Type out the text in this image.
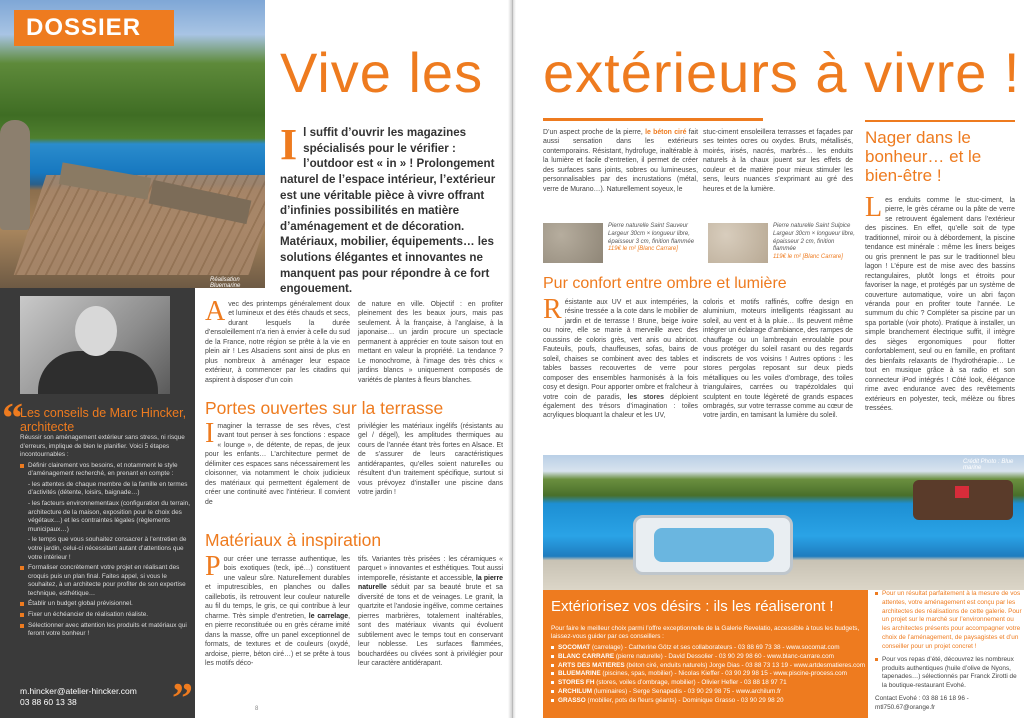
Réalisation Bluemarine
DOSSIER
Vive les
I l suffit d’ouvrir les magazines spécialisés pour le vérifier : l’outdoor est « in » ! Prolongement naturel de l’espace intérieur, l’extérieur est une véritable pièce à vivre offrant d’infinies possibilités en matière d’aménagement et de décoration. Matériaux, mobilier, équipements… les solutions élégantes et innovantes ne manquent pas pour répondre à ce fort engouement.
“
Les conseils de Marc Hincker, architecte

Réussir son aménagement extérieur sans stress, ni risque d’erreurs, implique de bien le planifier. Voici 5 étapes incontournables :

Définir clairement vos besoins, et notamment le style d’aménagement recherché, en prenant en compte :
- les attentes de chaque membre de la famille en termes d’activités (détente, loisirs, baignade…)
- les facteurs environnementaux (configuration du terrain, architecture de la maison, exposition pour le choix des végétaux…) et les contraintes légales (règlements municipaux…)
- le temps que vous souhaitez consacrer à l’entretien de votre jardin, celui-ci nécessitant autant d’attentions que votre intérieur !
Formaliser concrètement votre projet en réalisant des croquis puis un plan final. Faites appel, si vous le souhaitez, à un architecte pour profiter de son expertise technique, esthétique…
Établir un budget global prévisionnel.
Fixer un échéancier de réalisation réaliste.
Sélectionner avec attention les produits et matériaux qui feront votre bonheur !
m.hincker@atelier-hincker.com
03 88 60 13 38	”
A vec des printemps généralement doux et lumineux et des étés chauds et secs, durant lesquels la durée d’ensoleillement n’a rien à envier à celle du sud de la France, notre région se prête à la vie en plein air ! Les Alsaciens sont ainsi de plus en plus nombreux à aménager leur espace extérieur, à commencer par les citadins qui aspirent à disposer d’un coin
de nature en ville. Objectif : en profiter pleinement des les beaux jours, mais pas seulement. À la française, à l’anglaise, à la japonaise… un jardin procure un spectacle permanent à apprécier en toute saison tout en mettant en valeur la propriété. La tendance ? Le monochrome, à l’image des très chics « jardins blancs » uniquement composés de variétés de plantes à fleurs blanches.
Portes ouvertes sur la terrasse
I maginer la terrasse de ses rêves, c’est avant tout penser à ses fonctions : espace « lounge », de détente, de repas, de jeux pour les enfants… L’architecture permet de délimiter ces espaces sans nécessairement les cloisonner, via notamment le choix judicieux des matériaux qui permettent également de créer une continuité avec l’intérieur. Il convient de
privilégier les matériaux ingélifs (résistants au gel / dégel), les amplitudes thermiques au cours de l’année étant très fortes en Alsace. Et de s’assurer de leurs caractéristiques antidérapantes, qu’elles soient naturelles ou résultent d’un traitement spécifique, surtout si vous prévoyez d’installer une piscine dans votre jardin !
Matériaux à inspiration
P our créer une terrasse authentique, les bois exotiques (teck, ipé…) constituent une valeur sûre. Naturellement durables et imputrescibles, en planches ou dalles caillebotis, ils retrouvent leur couleur naturelle au fil du temps, le gris, ce qui contribue à leur charme. Très simple d’entretien, le carrelage, en pierre reconstituée ou en grès cérame imité dans la masse, offre un panel exceptionnel de formats, de textures et de couleurs (oxydé, ardoise, pierre, béton ciré…) et se prête à tous les motifs déco-
tifs. Variantes très prisées : les céramiques « parquet » innovantes et esthétiques. Tout aussi intemporelle, résistante et accessible, la pierre naturelle séduit par sa beauté brute et sa diversité de tons et de veinages. Le granit, la quartzite et l’andosie ingélive, comme certaines pierres marbrières, totalement inaltérables, sont des matériaux vivants qui évoluent subtilement avec le temps tout en conservant leur noblesse. Les surfaces flammées, bouchardées ou clivées sont à privilégier pour leur caractère antidérapant.
8
extérieurs à vivre !
D’un aspect proche de la pierre, le béton ciré fait aussi sensation dans les extérieurs contemporains. Résistant, hydrofuge, inaltérable à la lumière et facile d’entretien, il permet de créer des surfaces sans joints, sobres ou lumineuses, personnalisables par des incrustations (métal, verre de Murano…). Naturellement soyeux, le
stuc-ciment ensoleillera terrasses et façades par ses teintes ocres ou oxydes. Bruts, métallisés, moirés, irisés, nacrés, marbrés… les enduits naturels à la chaux jouent sur les effets de couleur et de matière pour mieux stimuler les sens, leurs nuances s’exprimant au gré des heures et de la lumière.
Pierre naturelle Saint Sauveur Largeur 30cm × longueur libre, épaisseur 3 cm, finition flammée
119€ le m² [Blanc Carrare]
Pierre naturelle Saint Sulpice Largeur 30cm × longueur libre, épaisseur 2 cm, finition flammée
119€ le m² [Blanc Carrare]
Pur confort entre ombre et lumière
R ésistante aux UV et aux intempéries, la résine tressée a la cote dans le mobilier de jardin et de terrasse ! Brune, beige ivoire ou noire, elle se marie à merveille avec des coussins de coloris grès, vert anis ou abricot. Fauteuils, poufs, chauffeuses, sofas, bains de soleil, chaises se combinent avec des tables et tables basses recouvertes de verre pour composer des ensembles harmonisés à la fois cosy et design. Pour apporter ombre et fraîcheur à votre coin de paradis, les stores déploient également des trésors d’imagination : toiles acryliques bloquant la chaleur et les UV,
coloris et motifs raffinés, coffre design en aluminium, moteurs intelligents réagissant au soleil, au vent et à la pluie… Ils peuvent même intégrer un éclairage d’ambiance, des rampes de chauffage ou un lambrequin enroulable pour vous protéger du soleil rasant ou des regards indiscrets de vos voisins ! Autres options : les stores pergolas reposant sur deux pieds métalliques ou les voiles d’ombrage, des toiles triangulaires, carrées ou trapézoïdales qui sculptent en toute légèreté de grands espaces ombragés, sur votre terrasse comme au cœur de votre jardin, en tamisant la lumière du soleil.
Nager dans le bonheur… et le bien-être !
L es enduits comme le stuc-ciment, la pierre, le grès cérame ou la pâte de verre se retrouvent également dans l’extérieur des piscines. En effet, qu’elle soit de type traditionnel, miroir ou à débordement, la piscine tendance est minérale : même les liners beiges ou gris prennent le pas sur le traditionnel bleu lagon ! L’épure est de mise avec des bassins rectangulaires, plutôt longs et étroits pour favoriser la nage, et protégés par un système de couverture automatique, voire un abri façon véranda pour en profiter toute l’année. Le summum du chic ? Compléter sa piscine par un spa portable (voir photo). Pratique à installer, un simple branchement électrique suffit, il intègre des sièges ergonomiques pour flotter confortablement, seul ou en famille, en profitant des bienfaits relaxants de l’hydrothérapie… Le tout en musique grâce à sa radio et son connecteur iPod intégrés ! Côté look, élégance rime avec endurance avec des revêtements extérieurs en polyester, teck, mélèze ou fibres tressées.
Crédit Photo : Blue marine
Extériorisez vos désirs : ils les réaliseront !
Pour faire le meilleur choix parmi l’offre exceptionnelle de la Galerie Revelatio, accessible à tous les budgets, laissez-vous guider par ces conseillers :
SOCOMAT (carrelage) - Catherine Götz et ses collaborateurs - 03 88 69 73 38 - www.socomat.com
BLANC CARRARE (pierre naturelle) - David Dessolier - 03 90 29 98 60 - www.blanc-carrare.com
ARTS DES MATIÈRES (béton ciré, enduits naturels) Jorge Dias - 03 88 73 13 19 - www.artdesmatieres.com
BLUEMARINE (piscines, spas, mobilier) - Nicolas Kieffer - 03 90 29 98 15 - www.piscine-process.com
STORES FH (stores, voiles d’ombrage, mobilier) - Olivier Hefler - 03 88 18 97 71
ARCHILUM (luminaires) - Serge Senapedis - 03 90 29 98 75 - www.archilum.fr
GRASSO (mobilier, pots de fleurs géants) - Dominique Grasso - 03 90 29 98 20

Pour un résultat parfaitement à la mesure de vos attentes, votre aménagement est conçu par les architectes des réalisations de cette galerie. Pour un projet sur le marché sur l’environnement ou les architectes présents pour accompagner votre choix de l’aménagement, de paysagistes et d’un conseiller pour un projet concret !

Pour vos repas d’été, découvrez les nombreux produits authentiques (huile d’olive de Nyons, tapenades…) sélectionnés par Franck Zirotti de la boutique-restaurant Evohé.

Contact Evohé : 03 88 16 18 96 - mtl750.67@orange.fr
